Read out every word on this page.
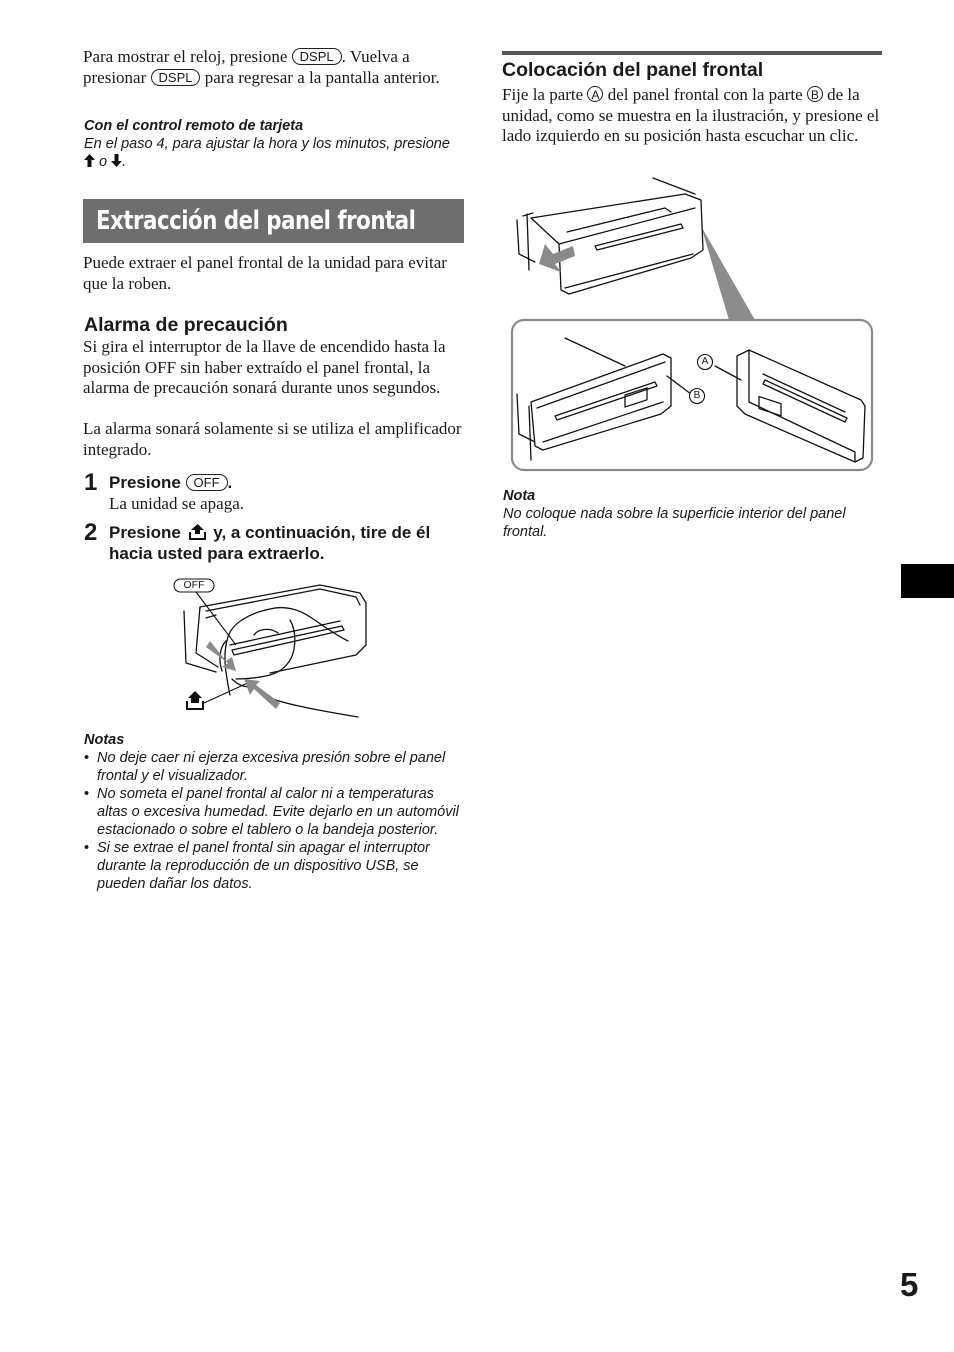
Para mostrar el reloj, presione DSPL . Vuelva a presionar DSPL para regresar a la pantalla anterior.
Con el control remoto de tarjeta
En el paso 4, para ajustar la hora y los minutos, presione  o .
Extracción del panel frontal
Puede extraer el panel frontal de la unidad para evitar que la roben.
Alarma de precaución
Si gira el interruptor de la llave de encendido hasta la posición OFF sin haber extraído el panel frontal, la alarma de precaución sonará durante unos segundos.
La alarma sonará solamente si se utiliza el amplificador integrado.
1 Presione OFF .
La unidad se apaga.
2 Presione y, a continuación, tire de él hacia usted para extraerlo.
OFF
Notas
• No deje caer ni ejerza excesiva presión sobre el panel frontal y el visualizador.
• No someta el panel frontal al calor ni a temperaturas altas o excesiva humedad. Evite dejarlo en un automóvil estacionado o sobre el tablero o la bandeja posterior.
• Si se extrae el panel frontal sin apagar el interruptor durante la reproducción de un dispositivo USB, se pueden dañar los datos.
Colocación del panel frontal
Fije la parte A del panel frontal con la parte B de la unidad, como se muestra en la ilustración, y presione el lado izquierdo en su posición hasta escuchar un clic.
A
B
Nota
No coloque nada sobre la superficie interior del panel frontal.
5
